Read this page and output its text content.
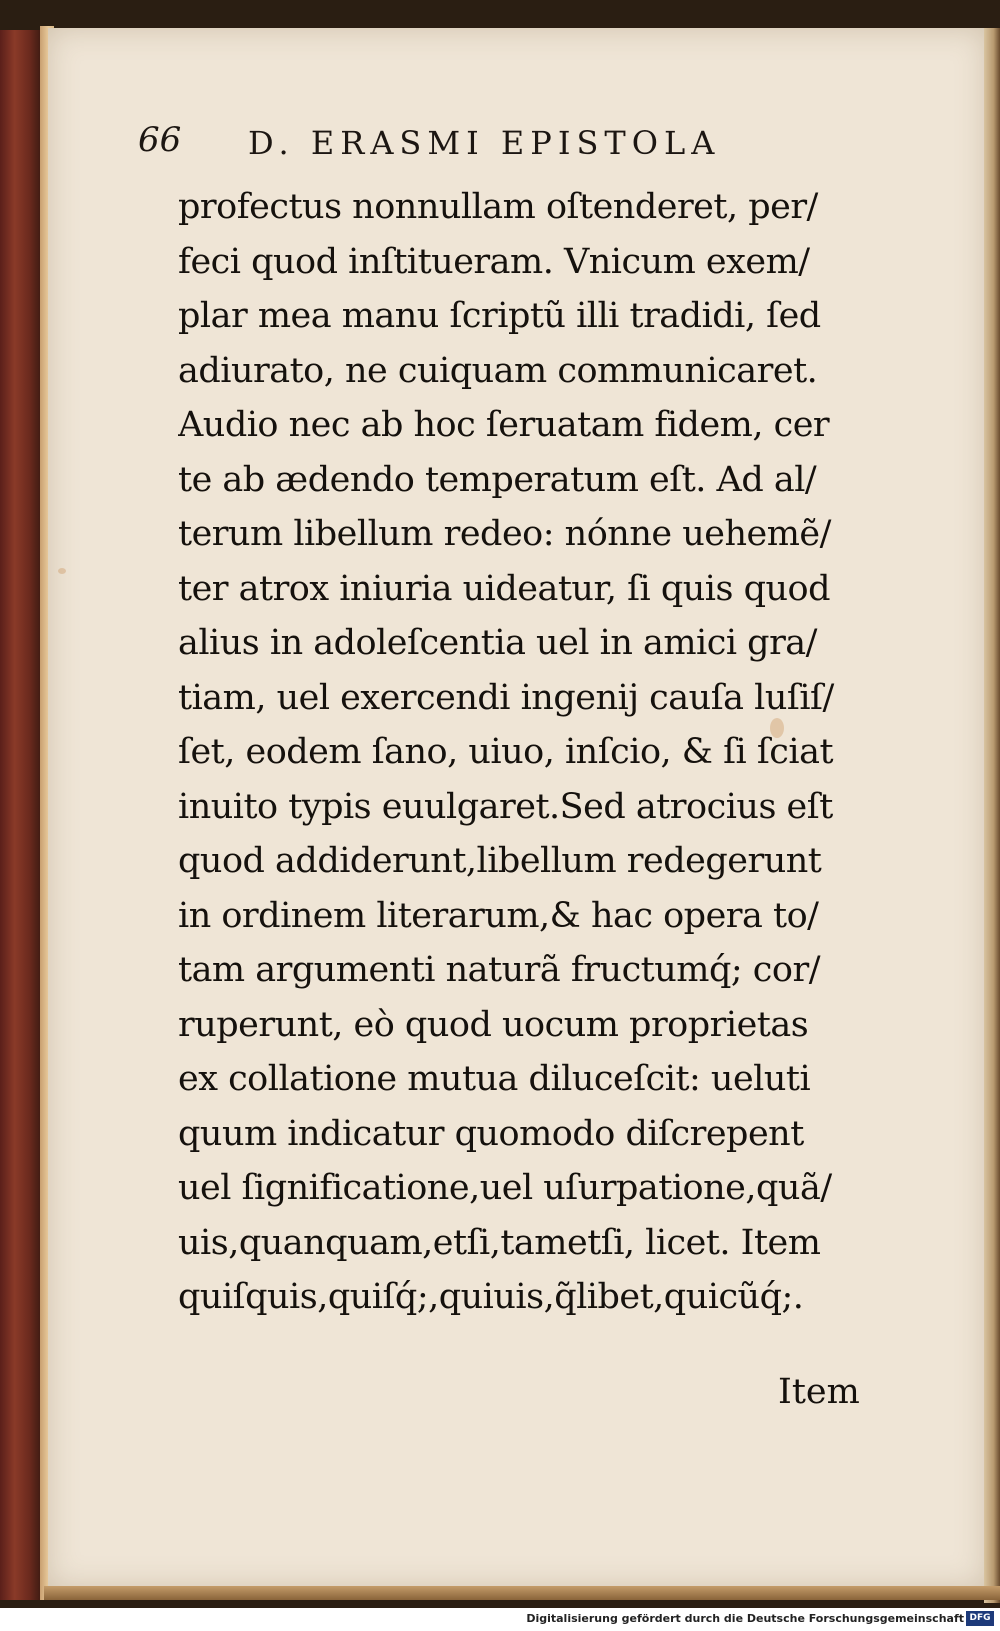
66 D. ERASMI EPISTOLA
profectus nonnullam oſtenderet, per/
feci quod inſtitueram. Vnicum exem/
plar mea manu ſcriptũ illi tradidi, ſed
adiurato, ne cuiquam communicaret.
Audio nec ab hoc ſeruatam fidem, cer
te ab ædendo temperatum eſt. Ad al/
terum libellum redeo: nónne uehemẽ/
ter atrox iniuria uideatur, ſi quis quod
alius in adoleſcentia uel in amici gra/
tiam, uel exercendi ingenij cauſa luſiſ/
ſet, eodem ſano, uiuo, inſcio, & ſi ſciat
inuito typis euulgaret.Sed atrocius eſt
quod addiderunt,libellum redegerunt
in ordinem literarum,& hac opera to/
tam argumenti naturã fructumq́; cor/
ruperunt, eò quod uocum proprietas
ex collatione mutua diluceſcit: ueluti
quum indicatur quomodo diſcrepent
uel ſignificatione,uel uſurpatione,quã/
uis,quanquam,etſi,tametſi, licet. Item
quiſquis,quiſq́;,quiuis,q̃libet,quicũq́;.
Item
Digitalisierung gefördert durch die Deutsche Forschungsgemeinschaft DFG
